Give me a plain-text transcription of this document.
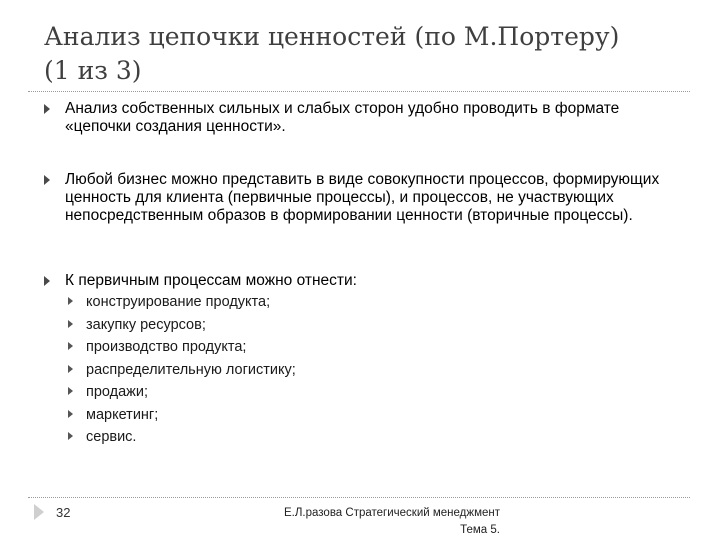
Анализ цепочки ценностей (по М.Портеру)
(1 из 3)
Анализ собственных сильных и слабых сторон удобно проводить в формате «цепочки создания ценности».
Любой бизнес можно представить в виде совокупности процессов, формирующих ценность для клиента (первичные процессы), и процессов, не участвующих непосредственным образов в формировании ценности (вторичные процессы).
К первичным процессам можно отнести:
конструирование продукта;
закупку ресурсов;
производство продукта;
распределительную логистику;
продажи;
маркетинг;
сервис.
32	Е.Л.разова Стратегический менеджмент
Тема 5.
